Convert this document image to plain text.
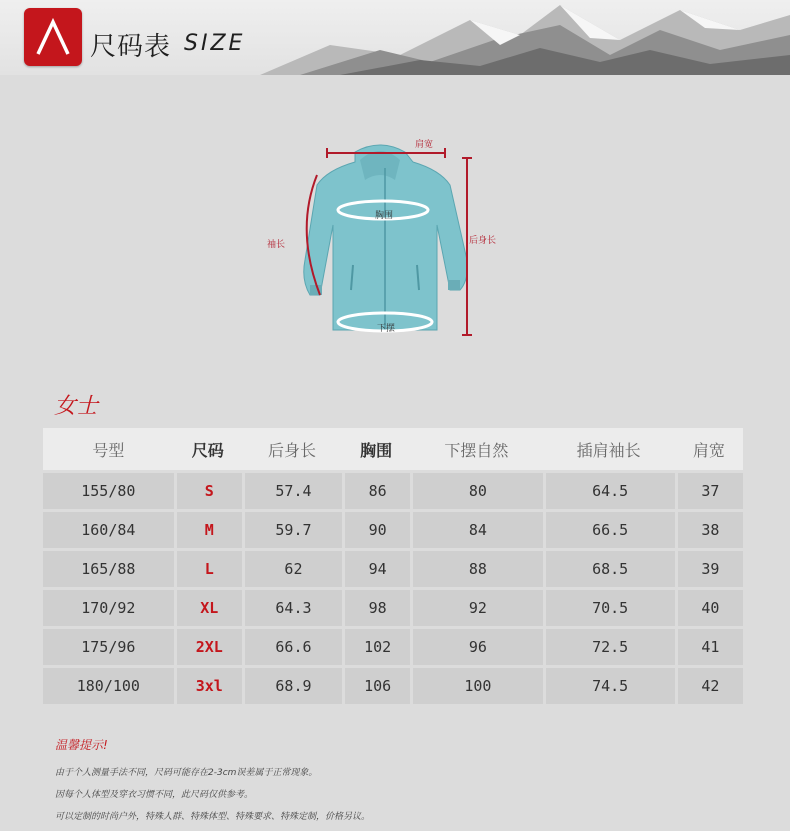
尺码表 SIZE
肩宽
胸围
后身长
袖长
下摆
女士
号型	尺码	后身长	胸围	下摆自然	插肩袖长	肩宽
155/80	S	57.4	86	80	64.5	37
160/84	M	59.7	90	84	66.5	38
165/88	L	62	94	88	68.5	39
170/92	XL	64.3	98	92	70.5	40
175/96	2XL	66.6	102	96	72.5	41
180/100	3xl	68.9	106	100	74.5	42
温馨提示!
由于个人测量手法不同，尺码可能存在2-3cm误差属于正常现象。
因每个人体型及穿衣习惯不同，此尺码仅供参考。
可以定制的时尚户外，特殊人群、特殊体型、特殊要求、特殊定制，价格另议。
